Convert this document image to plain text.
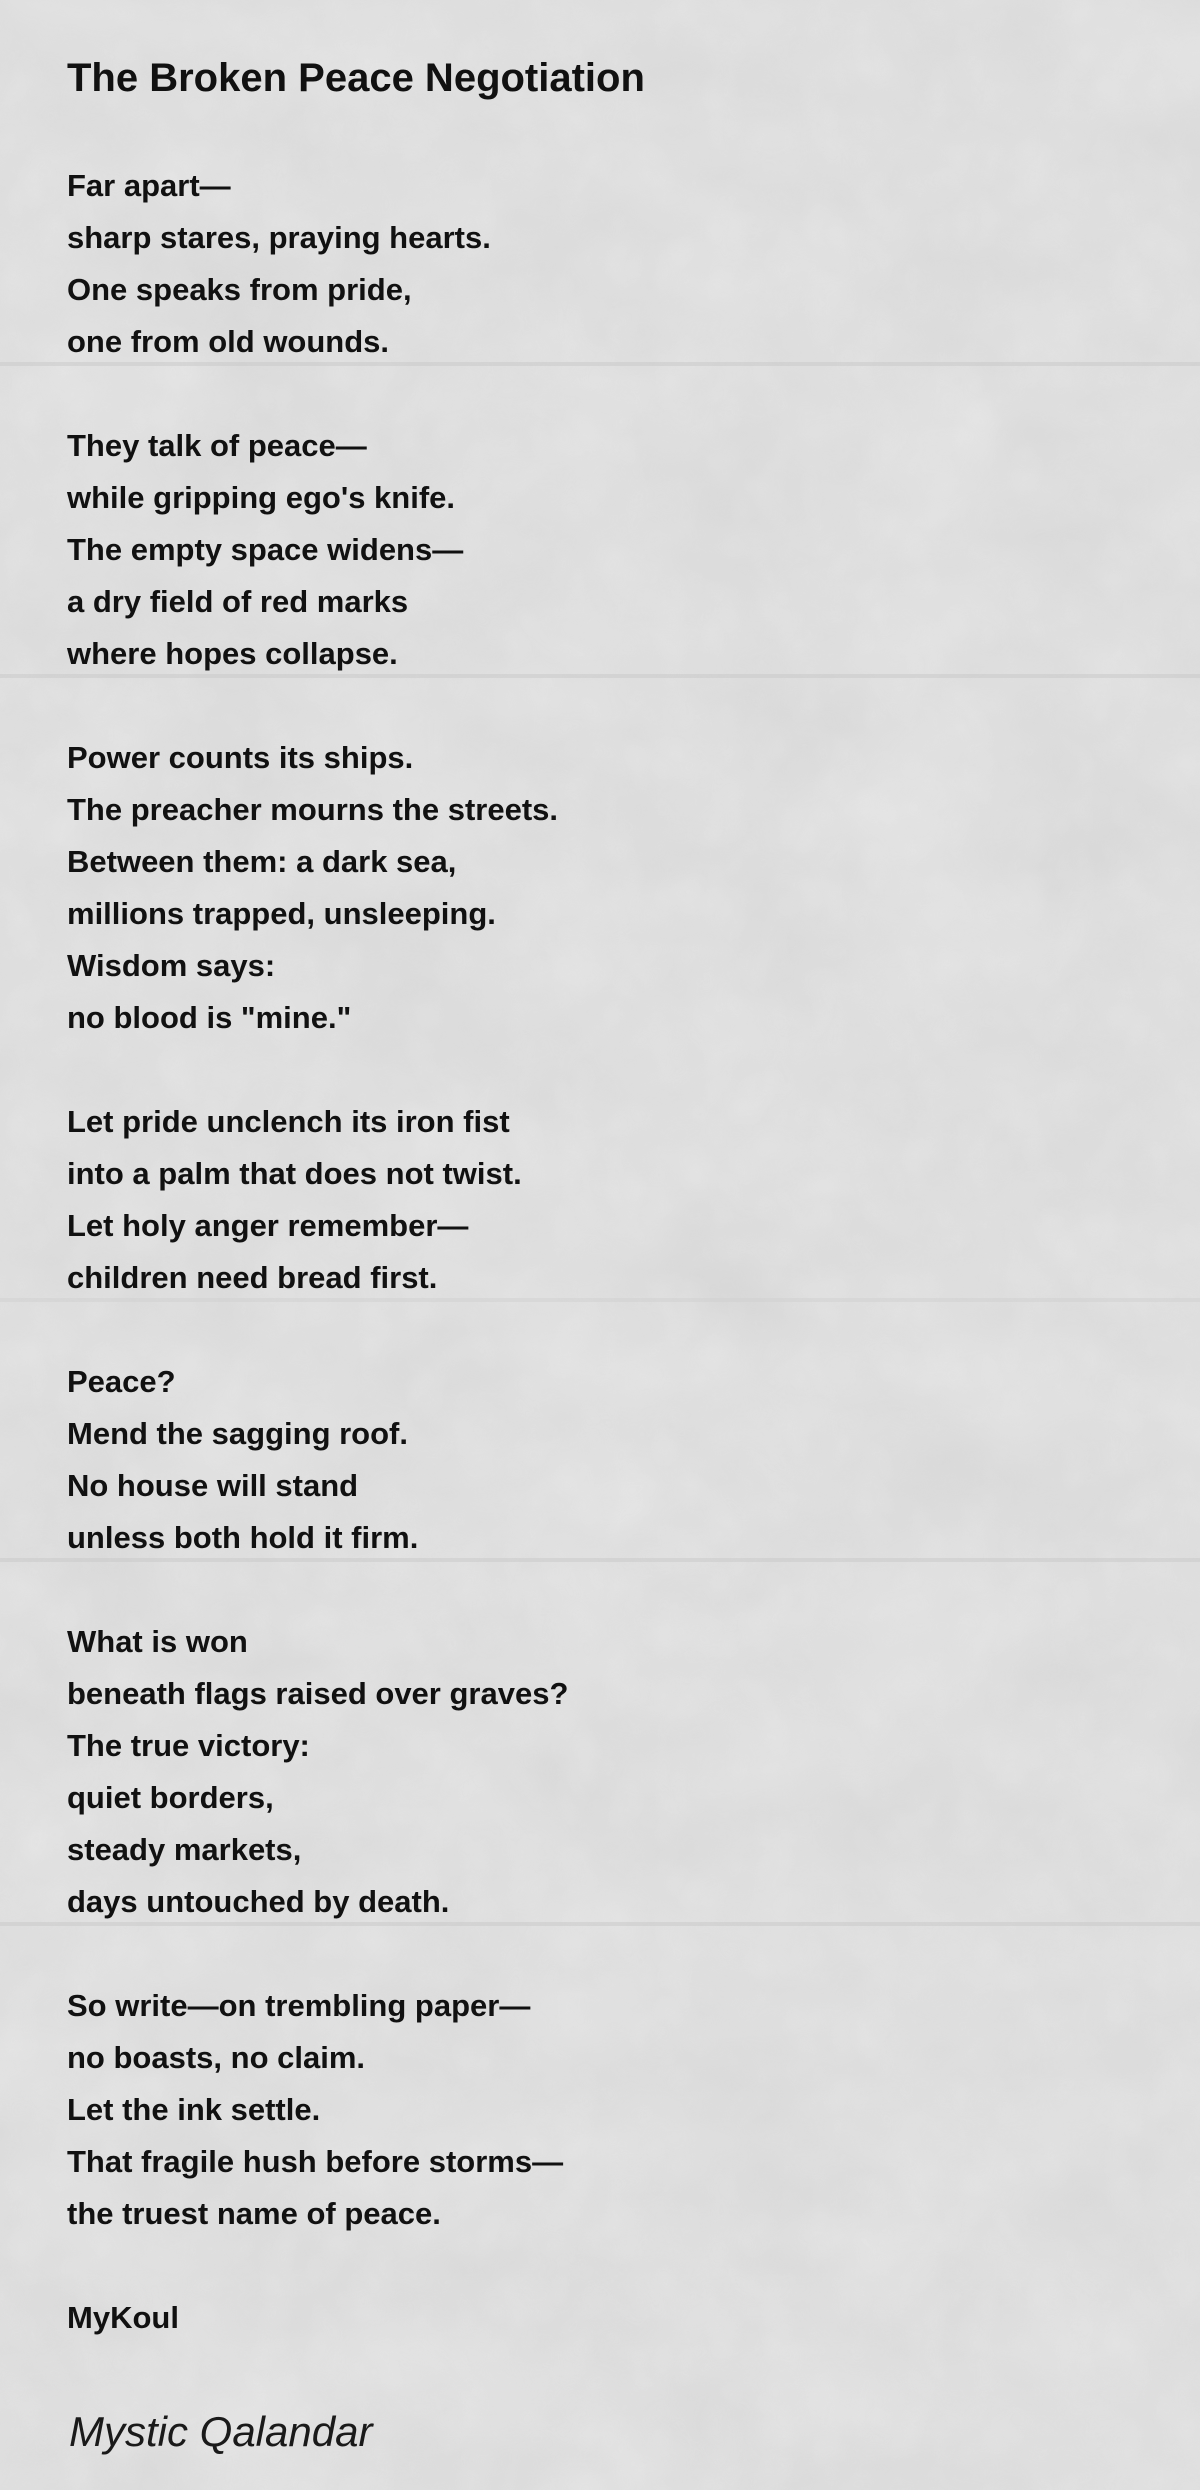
The Broken Peace Negotiation
Far apart—
sharp stares, praying hearts.
One speaks from pride,
one from old wounds.
They talk of peace—
while gripping ego's knife.
The empty space widens—
a dry field of red marks
where hopes collapse.
Power counts its ships.
The preacher mourns the streets.
Between them: a dark sea,
millions trapped, unsleeping.
Wisdom says:
no blood is "mine."
Let pride unclench its iron fist
into a palm that does not twist.
Let holy anger remember—
children need bread first.
Peace?
Mend the sagging roof.
No house will stand
unless both hold it firm.
What is won
beneath flags raised over graves?
The true victory:
quiet borders,
steady markets,
days untouched by death.
So write—on trembling paper—
no boasts, no claim.
Let the ink settle.
That fragile hush before storms—
the truest name of peace.
MyKoul
Mystic Qalandar
